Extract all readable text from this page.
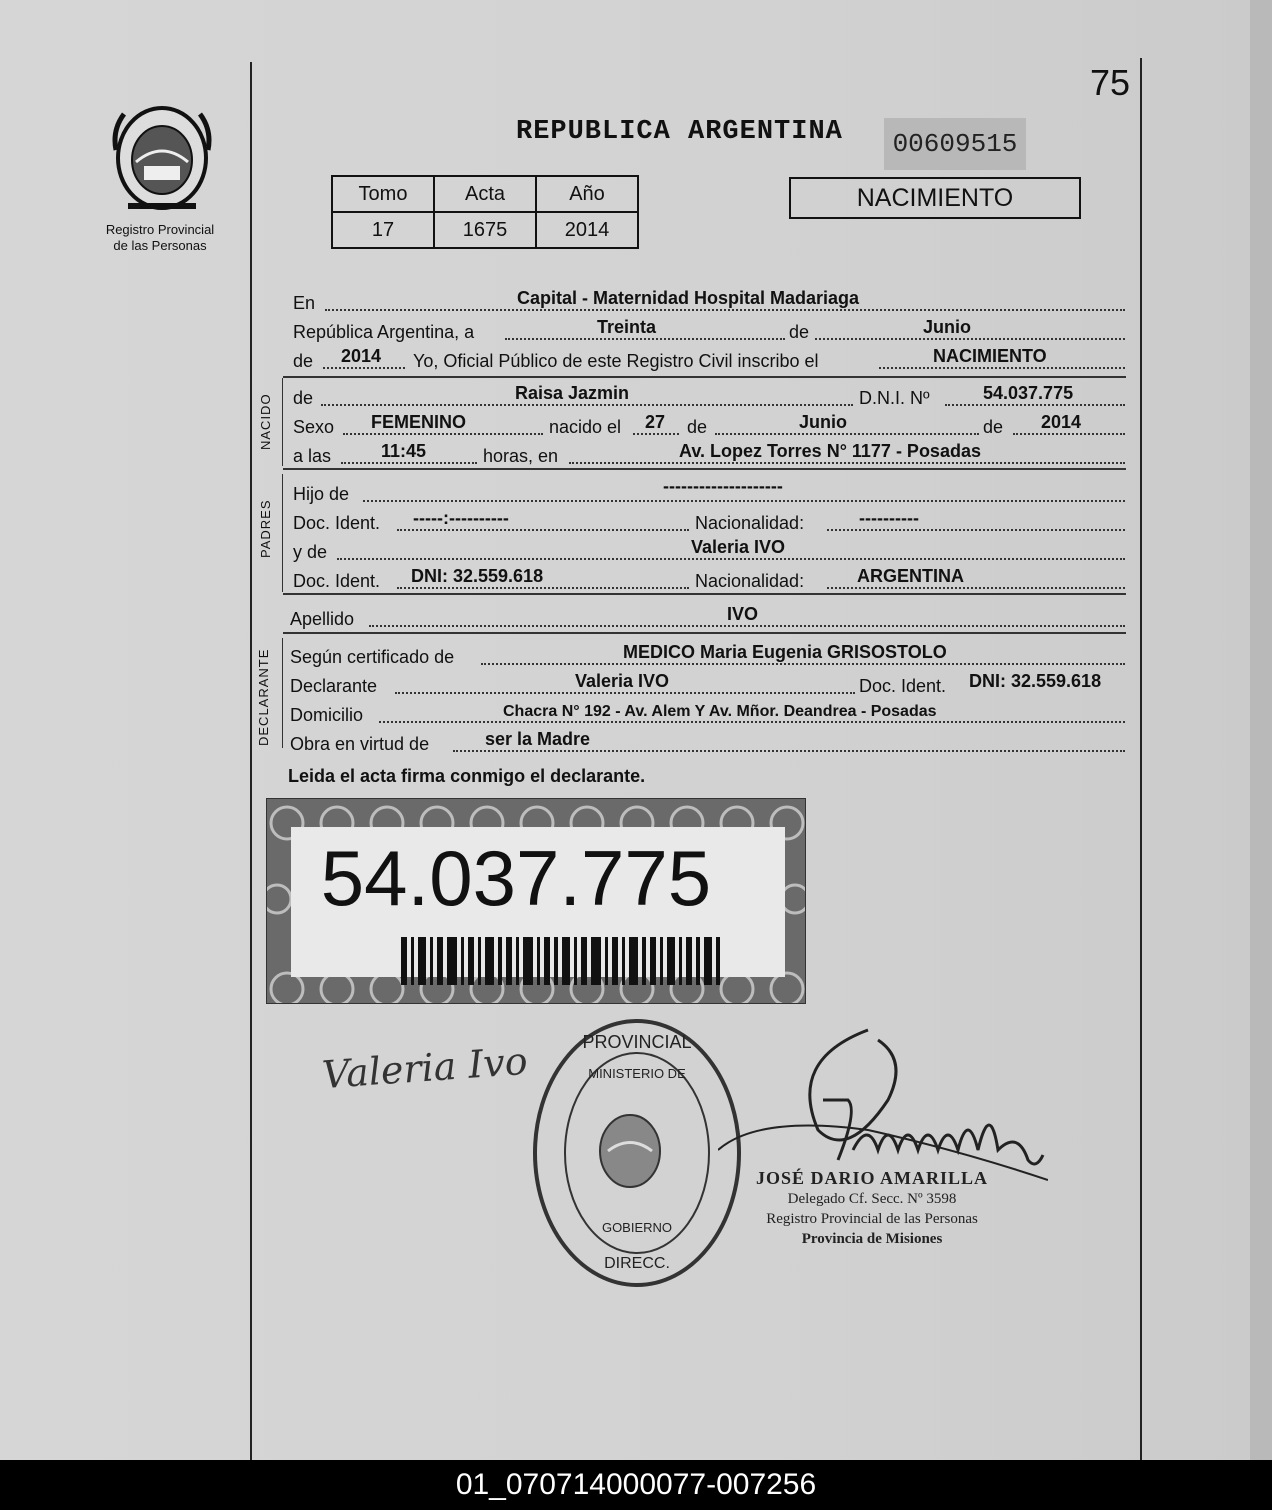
75
Registro Provincial
de las Personas
REPUBLICA ARGENTINA	00609515
Tomo	Acta	Año
17	1675	2014
NACIMIENTO
En	Capital - Maternidad Hospital Madariaga
República Argentina, a	Treinta	de	Junio
de 2014 Yo, Oficial Público de este Registro Civil inscribo el	NACIMIENTO
NACIDO de	Raisa Jazmin	D.N.I. Nº	54.037.775
Sexo FEMENINO	nacido el 27 de	Junio	de 2014
a las	11:45	horas, en	Av. Lopez Torres N° 1177 - Posadas
PADRES
Hijo de	--------------------
Doc. Ident. -----:----------	Nacionalidad:	----------
y de	Valeria IVO
Doc. Ident. DNI: 32.559.618	Nacionalidad:	ARGENTINA
Apellido	IVO
DECLARANTE Según certificado de	MEDICO Maria Eugenia GRISOSTOLO
Declarante	Valeria IVO	Doc. Ident. DNI: 32.559.618
Domicilio	Chacra N° 192 - Av. Alem Y Av. Mñor. Deandrea - Posadas
Obra en virtud de	ser la Madre
Leida el acta firma conmigo el declarante.
54.037.775
Valeria Ivo	PROVINCIAL
DIRECC.
MINISTERIO DE
GOBIERNO
JOSÉ DARIO AMARILLA
Delegado Cf. Secc. Nº 3598
Registro Provincial de las Personas
Provincia de Misiones
01_070714000077-007256
